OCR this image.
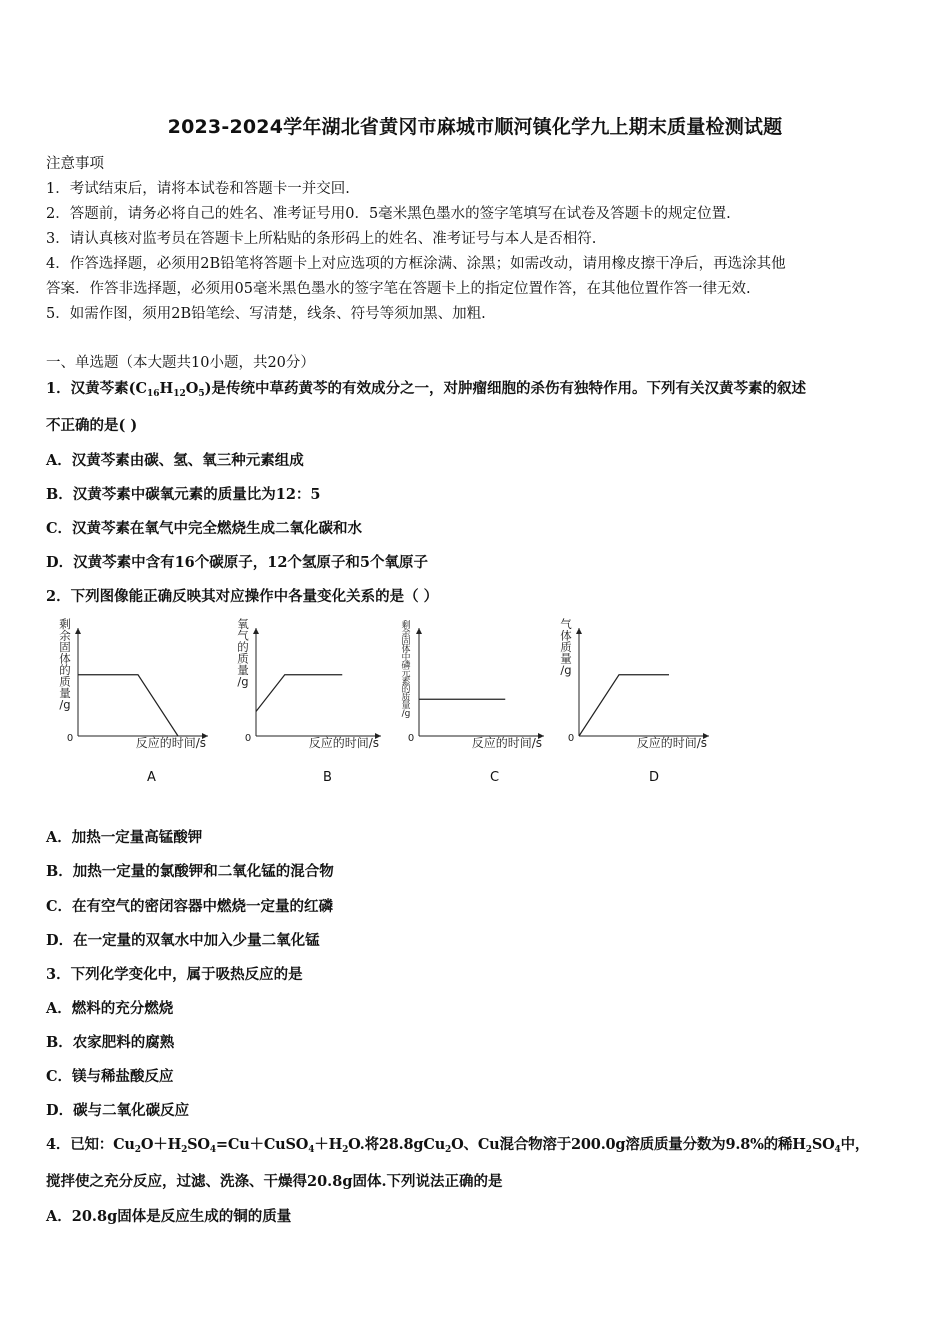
2023-2024学年湖北省黄冈市麻城市顺河镇化学九上期末质量检测试题
注意事项
1．考试结束后，请将本试卷和答题卡一并交回.
2．答题前，请务必将自己的姓名、准考证号用0．5毫米黑色墨水的签字笔填写在试卷及答题卡的规定位置.
3．请认真核对监考员在答题卡上所粘贴的条形码上的姓名、准考证号与本人是否相符.
4．作答选择题，必须用2B铅笔将答题卡上对应选项的方框涂满、涂黑；如需改动，请用橡皮擦干净后，再选涂其他
答案．作答非选择题，必须用05毫米黑色墨水的签字笔在答题卡上的指定位置作答，在其他位置作答一律无效.
5．如需作图，须用2B铅笔绘、写清楚，线条、符号等须加黑、加粗.
一、单选题（本大题共10小题，共20分）
1．汉黄芩素$(C_{16}H_{12}O_5)$是传统中草药黄芩的有效成分之一，对肿瘤细胞的杀伤有独特作用。下列有关汉黄芩素的叙述
不正确的是( )
A．汉黄芩素由碳、氢、氧三种元素组成
B．汉黄芩素中碳氧元素的质量比为12：5
C．汉黄芩素在氧气中完全燃烧生成二氧化碳和水
D．汉黄芩素中含有16个碳原子，12个氢原子和5个氧原子
2．下列图像能正确反映其对应操作中各量变化关系的是（ ）
0	反应的时间/s
剩
余
固
体
的
质
量
/g
0	反应的时间/s
氧
气
的
质
量
/g
0	反应的时间/s
剩
余
固
体
中
磷
元
素
的
质
量
/g
0	反应的时间/s
气
体
质
量
/g
A	B	C	D
A．加热一定量高锰酸钾
B．加热一定量的氯酸钾和二氧化锰的混合物
C．在有空气的密闭容器中燃烧一定量的红磷
D．在一定量的双氧水中加入少量二氧化锰
3．下列化学变化中，属于吸热反应的是
A．燃料的充分燃烧
B．农家肥料的腐熟
C．镁与稀盐酸反应
D．碳与二氧化碳反应
4．已知：$Cu_2O+H_2SO_4=Cu+CuSO_4+H_2O$.将28.8gCu$_2$O、Cu混合物溶于200.0g溶质质量分数为9.8%的稀$H_2SO_4$中，
搅拌使之充分反应，过滤、洗涤、干燥得20.8g固体.下列说法正确的是
A．20.8g固体是反应生成的铜的质量
